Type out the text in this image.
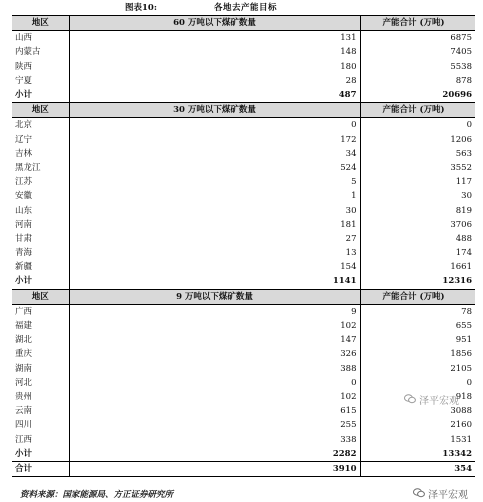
图表10:	各地去产能目标
地区	60 万吨以下煤矿数量	产能合计 (万吨)
山西	131	6875
内蒙古	148	7405
陕西	180	5538
宁夏	28	878
小计	487	20696
地区	30 万吨以下煤矿数量	产能合计 (万吨)
北京	0	0
辽宁	172	1206
吉林	34	563
黑龙江	524	3552
江苏	5	117
安徽	1	30
山东	30	819
河南	181	3706
甘肃	27	488
青海	13	174
新疆	154	1661
小计	1141	12316
地区	9 万吨以下煤矿数量	产能合计 (万吨)
广西	9	78
福建	102	655
湖北	147	951
重庆	326	1856
湖南	388	2105
河北	0	0
贵州	102	918
云南	615	3088
四川	255	2160
江西	338	1531
小计	2282	13342
合计	3910	354
泽平宏观
泽平宏观
资料来源：国家能源局、方正证券研究所
